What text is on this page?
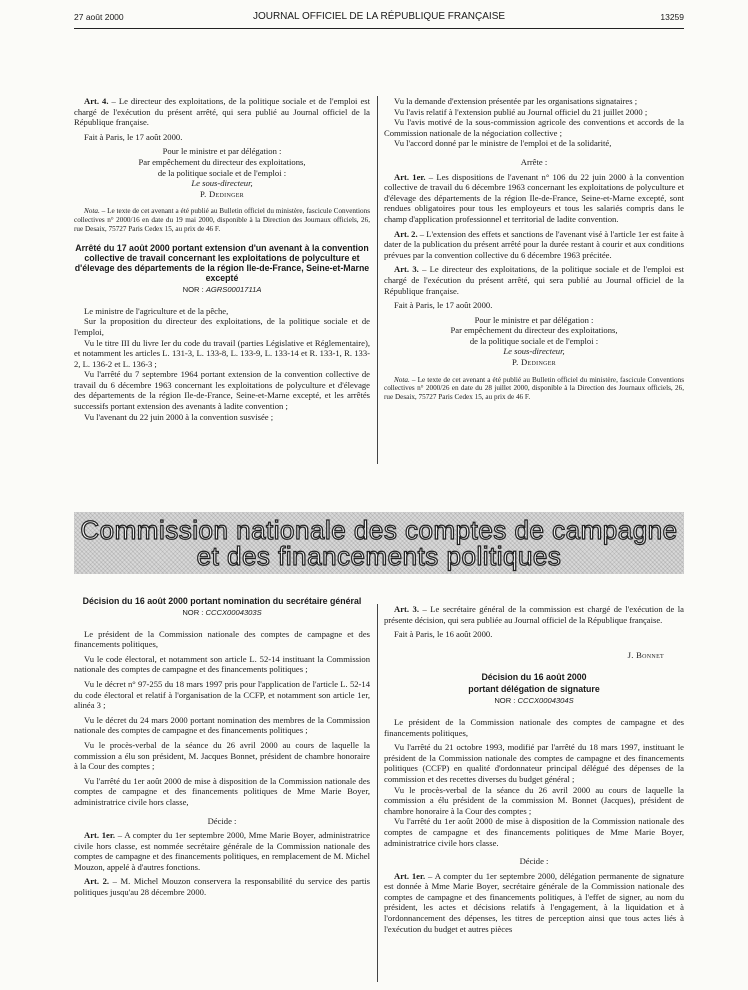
27 août 2000	JOURNAL OFFICIEL DE LA RÉPUBLIQUE FRANÇAISE	13259

Art. 4. – Le directeur des exploitations, de la politique sociale et de l'emploi est chargé de l'exécution du présent arrêté, qui sera publié au Journal officiel de la République française.

Fait à Paris, le 17 août 2000.

Pour le ministre et par délégation :

Par empêchement du directeur des exploitations,

de la politique sociale et de l'emploi :

Le sous-directeur,

P. Dedinger

Nota. – Le texte de cet avenant a été publié au Bulletin officiel du ministère, fascicule Conventions collectives n° 2000/16 en date du 19 mai 2000, disponible à la Direction des Journaux officiels, 26, rue Desaix, 75727 Paris Cedex 15, au prix de 46 F.

Arrêté du 17 août 2000 portant extension d'un avenant à la convention collective de travail concernant les exploitations de polyculture et d'élevage des départements de la région Ile-de-France, Seine-et-Marne excepté
NOR : AGRS0001711A

Le ministre de l'agriculture et de la pêche,

Sur la proposition du directeur des exploitations, de la politique sociale et de l'emploi,

Vu le titre III du livre Ier du code du travail (parties Législative et Réglementaire), et notamment les articles L. 131-3, L. 133-8, L. 133-9, L. 133-14 et R. 133-1, R. 133-2, L. 136-2 et L. 136-3 ;

Vu l'arrêté du 7 septembre 1964 portant extension de la convention collective de travail du 6 décembre 1963 concernant les exploitations de polyculture et d'élevage des départements de la région Ile-de-France, Seine-et-Marne excepté, et les arrêtés successifs portant extension des avenants à ladite convention ;

Vu l'avenant du 22 juin 2000 à la convention susvisée ;

Vu la demande d'extension présentée par les organisations signataires ;

Vu l'avis relatif à l'extension publié au Journal officiel du 21 juillet 2000 ;

Vu l'avis motivé de la sous-commission agricole des conventions et accords de la Commission nationale de la négociation collective ;

Vu l'accord donné par le ministre de l'emploi et de la solidarité,

Arrête :

Art. 1er. – Les dispositions de l'avenant n° 106 du 22 juin 2000 à la convention collective de travail du 6 décembre 1963 concernant les exploitations de polyculture et d'élevage des départements de la région Ile-de-France, Seine-et-Marne excepté, sont rendues obligatoires pour tous les employeurs et tous les salariés compris dans le champ d'application professionnel et territorial de ladite convention.

Art. 2. – L'extension des effets et sanctions de l'avenant visé à l'article 1er est faite à dater de la publication du présent arrêté pour la durée restant à courir et aux conditions prévues par la convention collective du 6 décembre 1963 précitée.

Art. 3. – Le directeur des exploitations, de la politique sociale et de l'emploi est chargé de l'exécution du présent arrêté, qui sera publié au Journal officiel de la République française.

Fait à Paris, le 17 août 2000.

Pour le ministre et par délégation :

Par empêchement du directeur des exploitations,

de la politique sociale et de l'emploi :

Le sous-directeur,

P. Dedinger

Nota. – Le texte de cet avenant a été publié au Bulletin officiel du ministère, fascicule Conventions collectives n° 2000/26 en date du 28 juillet 2000, disponible à la Direction des Journaux officiels, 26, rue Desaix, 75727 Paris Cedex 15, au prix de 46 F.

Commission nationale des comptes de campagne
et des financements politiques
Décision du 16 août 2000 portant nomination du secrétaire général
NOR : CCCX0004303S

Le président de la Commission nationale des comptes de campagne et des financements politiques,

Vu le code électoral, et notamment son article L. 52-14 instituant la Commission nationale des comptes de campagne et des financements politiques ;

Vu le décret n° 97-255 du 18 mars 1997 pris pour l'application de l'article L. 52-14 du code électoral et relatif à l'organisation de la CCFP, et notamment son article 1er, alinéa 3 ;

Vu le décret du 24 mars 2000 portant nomination des membres de la Commission nationale des comptes de campagne et des financements politiques ;

Vu le procès-verbal de la séance du 26 avril 2000 au cours de laquelle la commission a élu son président, M. Jacques Bonnet, président de chambre honoraire à la Cour des comptes ;

Vu l'arrêté du 1er août 2000 de mise à disposition de la Commission nationale des comptes de campagne et des financements politiques de Mme Marie Boyer, administratrice civile hors classe,

Décide :

Art. 1er. – A compter du 1er septembre 2000, Mme Marie Boyer, administratrice civile hors classe, est nommée secrétaire générale de la Commission nationale des comptes de campagne et des financements politiques, en remplacement de M. Michel Mouzon, appelé à d'autres fonctions.

Art. 2. – M. Michel Mouzon conservera la responsabilité du service des partis politiques jusqu'au 28 décembre 2000.

Art. 3. – Le secrétaire général de la commission est chargé de l'exécution de la présente décision, qui sera publiée au Journal officiel de la République française.

Fait à Paris, le 16 août 2000.

J. Bonnet

Décision du 16 août 2000
portant délégation de signature
NOR : CCCX0004304S

Le président de la Commission nationale des comptes de campagne et des financements politiques,

Vu l'arrêté du 21 octobre 1993, modifié par l'arrêté du 18 mars 1997, instituant le président de la Commission nationale des comptes de campagne et des financements politiques (CCFP) en qualité d'ordonnateur principal délégué des dépenses de la commission et des recettes diverses du budget général ;

Vu le procès-verbal de la séance du 26 avril 2000 au cours de laquelle la commission a élu président de la commission M. Bonnet (Jacques), président de chambre honoraire à la Cour des comptes ;

Vu l'arrêté du 1er août 2000 de mise à disposition de la Commission nationale des comptes de campagne et des financements politiques de Mme Marie Boyer, administratrice civile hors classe.

Décide :

Art. 1er. – A compter du 1er septembre 2000, délégation permanente de signature est donnée à Mme Marie Boyer, secrétaire générale de la Commission nationale des comptes de campagne et des financements politiques, à l'effet de signer, au nom du président, les actes et décisions relatifs à l'engagement, à la liquidation et à l'ordonnancement des dépenses, les titres de perception ainsi que tous actes liés à l'exécution du budget et autres pièces
